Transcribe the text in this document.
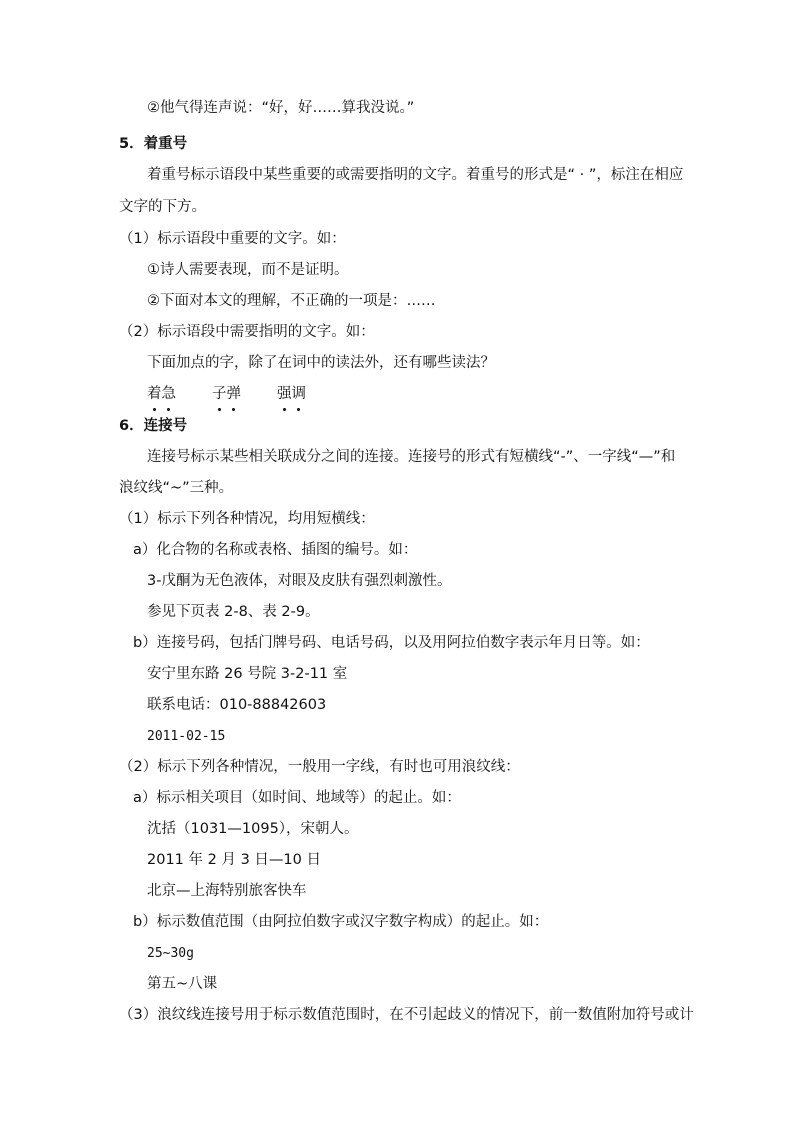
②他气得连声说：“好，好……算我没说。”
5．着重号
着重号标示语段中某些重要的或需要指明的文字。着重号的形式是“ · ”，标注在相应
文字的下方。
（1）标示语段中重要的文字。如：
①诗人需要表现，而不是证明。
②下面对本文的理解，不正确的一项是：……
（2）标示语段中需要指明的文字。如：
下面加点的字，除了在词中的读法外，还有哪些读法？
着
急 子
弹 强
调
6．连接号
连接号标示某些相关联成分之间的连接。连接号的形式有短横线“-”、一字线“—”和
浪纹线“~”三种。
（1）标示下列各种情况，均用短横线：
a）化合物的名称或表格、插图的编号。如：
3-戊酮为无色液体，对眼及皮肤有强烈刺激性。
参见下页表 2-8、表 2-9。
b）连接号码，包括门牌号码、电话号码，以及用阿拉伯数字表示年月日等。如：
安宁里东路 26 号院 3-2-11 室
联系电话：010-88842603
2011-02-15
（2）标示下列各种情况，一般用一字线，有时也可用浪纹线：
a）标示相关项目（如时间、地域等）的起止。如：
沈括（1031—1095），宋朝人。
2011 年 2 月 3 日—10 日
北京—上海特别旅客快车
b）标示数值范围（由阿拉伯数字或汉字数字构成）的起止。如：
25~30g
第五~八课
（3）浪纹线连接号用于标示数值范围时，在不引起歧义的情况下，前一数值附加符号或计
